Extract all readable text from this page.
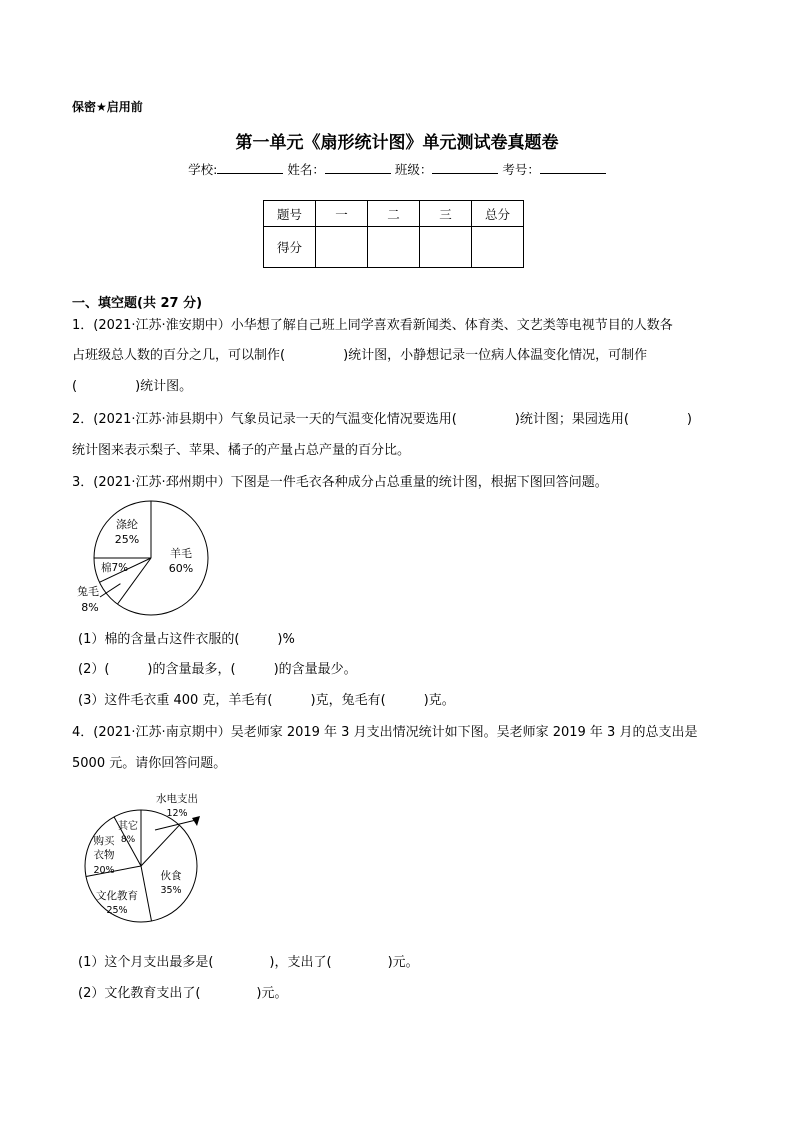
保密★启用前
第一单元《扇形统计图》单元测试卷真题卷
学校:	姓名：	班级：	考号：
题号	一	二	三	总分
得分				
一、填空题(共 27 分)
1．(2021·江苏·淮安期中）小华想了解自己班上同学喜欢看新闻类、体育类、文艺类等电视节目的人数各
占班级总人数的百分之几，可以制作(	)统计图，小静想记录一位病人体温变化情况，可制作
(	)统计图。
2．(2021·江苏·沛县期中）气象员记录一天的气温变化情况要选用(	)统计图；果园选用(	)
统计图来表示梨子、苹果、橘子的产量占总产量的百分比。
3．(2021·江苏·邳州期中）下图是一件毛衣各种成分占总重量的统计图，根据下图回答问题。
羊毛
60%
涤纶
25%
棉7%
兔毛
8%
伙食
35%
文化教育
25%
购买
衣物
20%
其它
8%
水电支出
12%
(1）棉的含量占这件衣服的(	)%
(2）(	)的含量最多，(	)的含量最少。
(3）这件毛衣重 400 克，羊毛有(	)克，兔毛有(	)克。
4．(2021·江苏·南京期中）吴老师家 2019 年 3 月支出情况统计如下图。吴老师家 2019 年 3 月的总支出是
5000 元。请你回答问题。
(1）这个月支出最多是(	)，支出了(	)元。
(2）文化教育支出了(	)元。
